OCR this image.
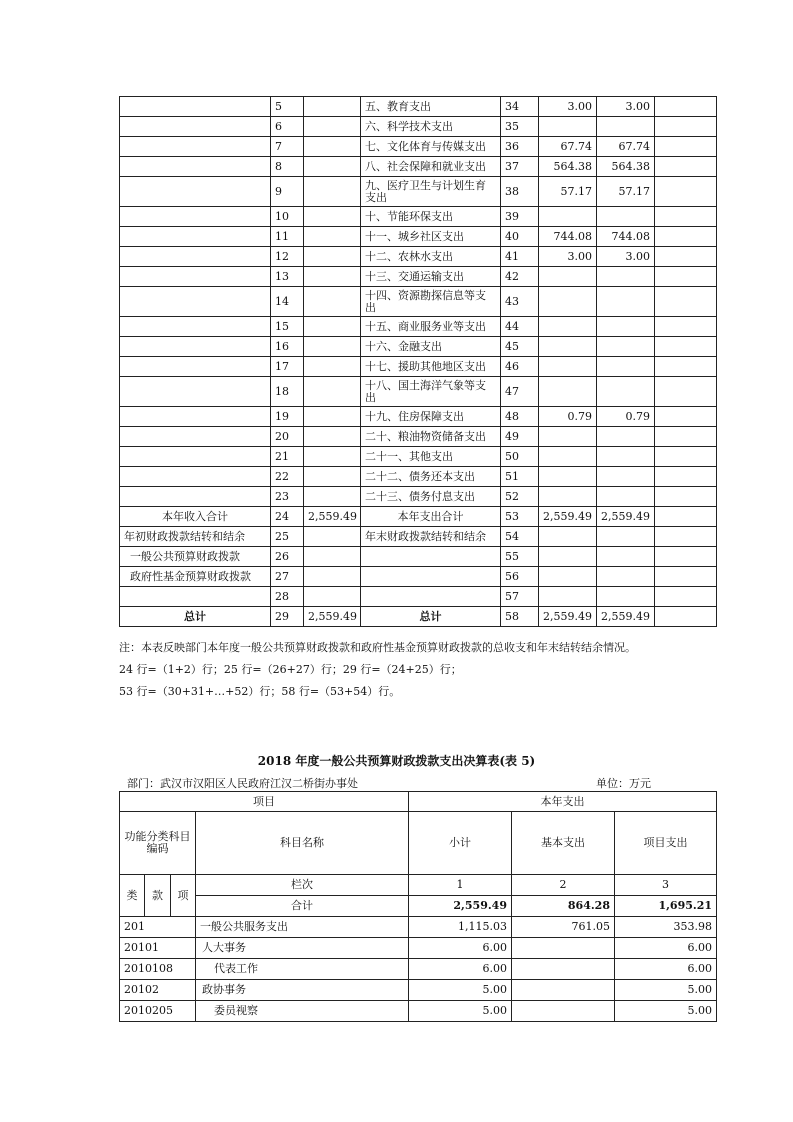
	5		五、教育支出	34	3.00	3.00	
	6		六、科学技术支出	35			
	7		七、文化体育与传媒支出	36	67.74	67.74	
	8		八、社会保障和就业支出	37	564.38	564.38	
	9		九、医疗卫生与计划生育支出	38	57.17	57.17	
	10		十、节能环保支出	39			
	11		十一、城乡社区支出	40	744.08	744.08	
	12		十二、农林水支出	41	3.00	3.00	
	13		十三、交通运输支出	42			
	14		十四、资源勘探信息等支出	43			
	15		十五、商业服务业等支出	44			
	16		十六、金融支出	45			
	17		十七、援助其他地区支出	46			
	18		十八、国土海洋气象等支出	47			
	19		十九、住房保障支出	48	0.79	0.79	
	20		二十、粮油物资储备支出	49			
	21		二十一、其他支出	50			
	22		二十二、债务还本支出	51			
	23		二十三、债务付息支出	52			
本年收入合计	24	2,559.49	本年支出合计	53	2,559.49	2,559.49	
年初财政拨款结转和结余	25		年末财政拨款结转和结余	54			
一般公共预算财政拨款	26			55			
政府性基金预算财政拨款	27			56			
	28			57			
总计	29	2,559.49	总计	58	2,559.49	2,559.49	
注：本表反映部门本年度一般公共预算财政拨款和政府性基金预算财政拨款的总收支和年末结转结余情况。
24 行=（1+2）行；25 行=（26+27）行；29 行=（24+25）行；
53 行=（30+31+…+52）行；58 行=（53+54）行。
2018 年度一般公共预算财政拨款支出决算表(表 5)
部门：武汉市汉阳区人民政府江汉二桥街办事处	单位：万元
项目				本年支出		
功能分类科目编码			科目名称	小计	基本支出	项目支出

类	款	项	栏次	1	2	3
			合计	2,559.49	864.28	1,695.21
201			一般公共服务支出	1,115.03	761.05	353.98
20101			人大事务	6.00		6.00
2010108			代表工作	6.00		6.00
20102			政协事务	5.00		5.00
2010205			委员视察	5.00		5.00
